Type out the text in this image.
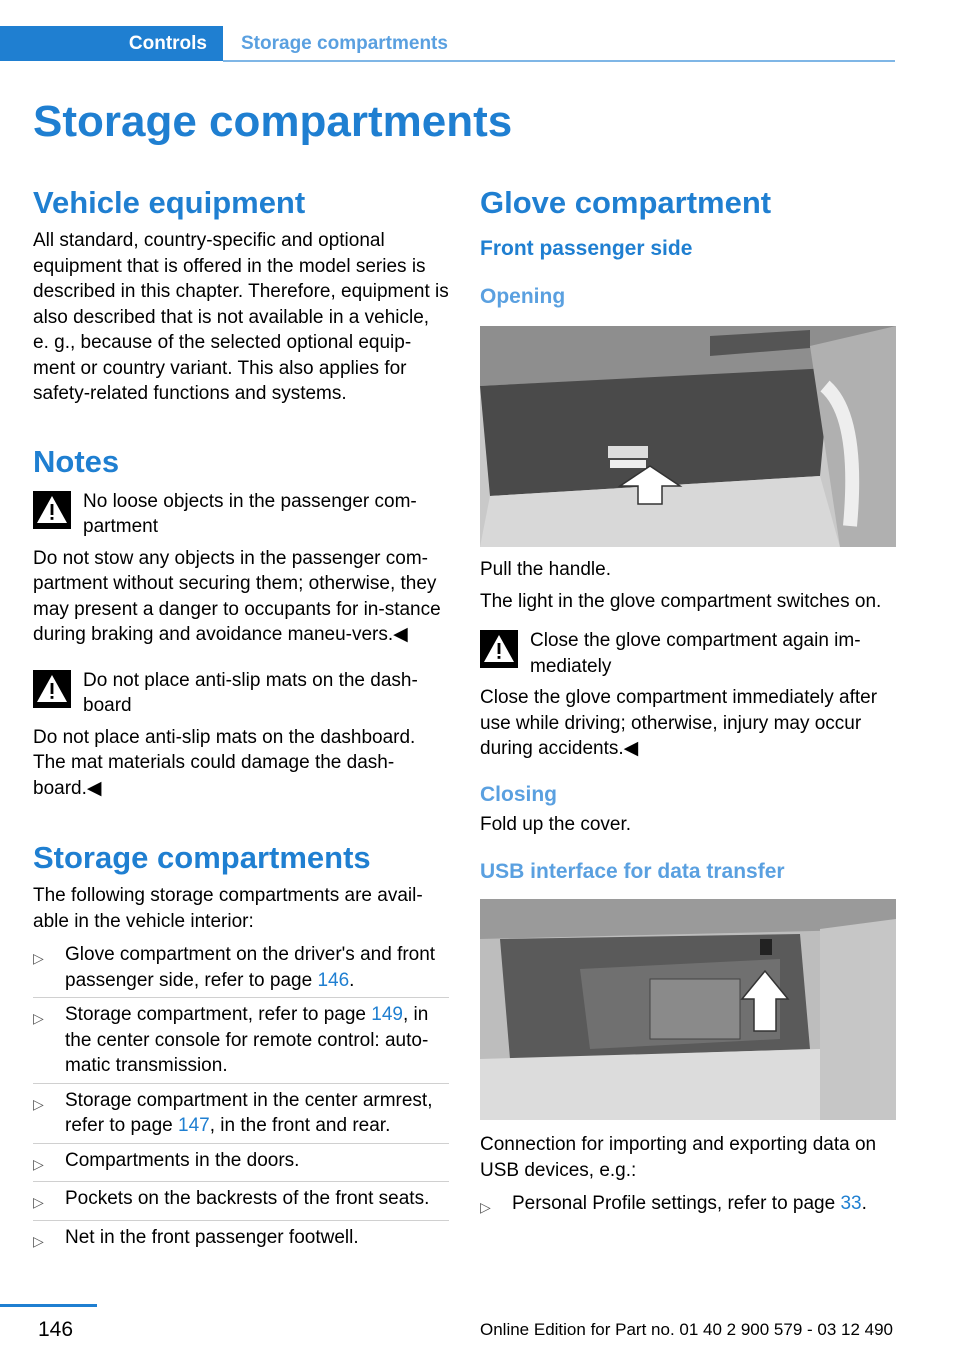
Controls	Storage compartments
Storage compartments
Vehicle equipment

All standard, country-specific and optional equipment that is offered in the model series is described in this chapter. Therefore, equipment is also described that is not available in a vehicle, e. g., because of the selected optional equip-ment or country variant. This also applies for safety-related functions and systems.

Notes
No loose objects in the passenger com-partment

Do not stow any objects in the passenger com-partment without securing them; otherwise, they may present a danger to occupants for in-stance during braking and avoidance maneu-vers.◀

Do not place anti-slip mats on the dash-board

Do not place anti-slip mats on the dashboard. The mat materials could damage the dash-board.◀

Storage compartments

The following storage compartments are avail-able in the vehicle interior:

▷	Glove compartment on the driver's and front passenger side, refer to page 146.
▷	Storage compartment, refer to page 149, in the center console for remote control: auto-matic transmission.
▷	Storage compartment in the center armrest, refer to page 147, in the front and rear.
▷	Compartments in the doors.
▷	Pockets on the backrests of the front seats.
▷	Net in the front passenger footwell.
Glove compartment
Front passenger side
Opening

Pull the handle.

The light in the glove compartment switches on.

Close the glove compartment again im-mediately

Close the glove compartment immediately after use while driving; otherwise, injury may occur during accidents.◀

Closing

Fold up the cover.

USB interface for data transfer

Connection for importing and exporting data on USB devices, e.g.:

▷	Personal Profile settings, refer to page 33.
146	Online Edition for Part no. 01 40 2 900 579 - 03 12 490
